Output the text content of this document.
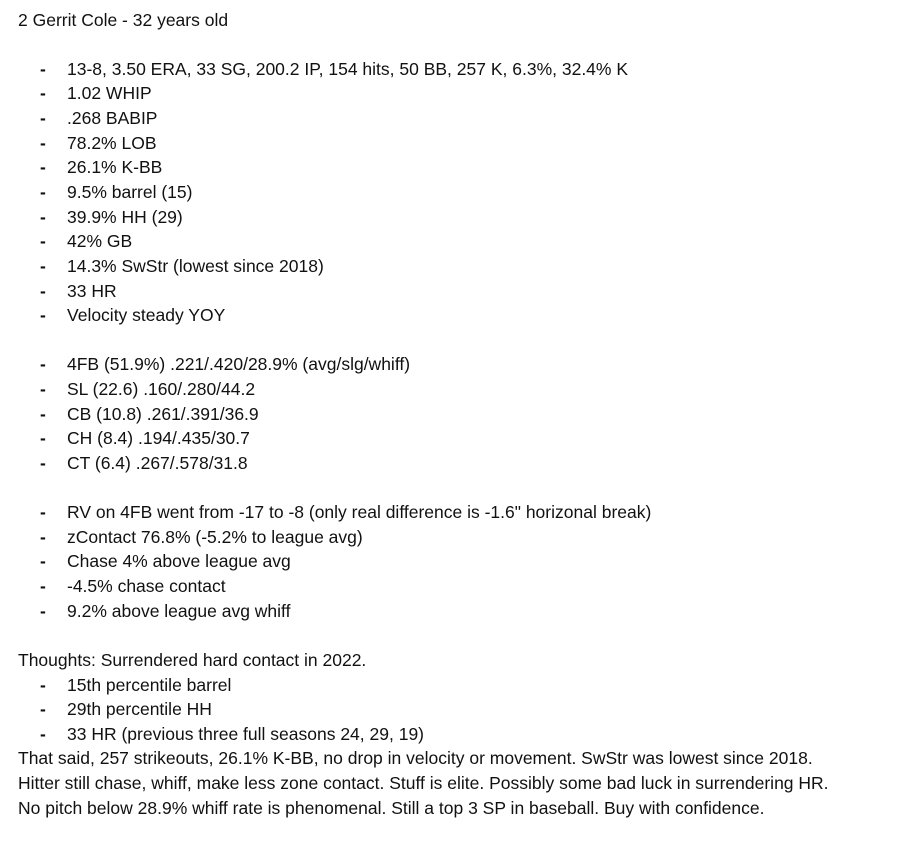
2 Gerrit Cole - 32 years old
- 13-8, 3.50 ERA, 33 SG, 200.2 IP, 154 hits, 50 BB, 257 K, 6.3%, 32.4% K
- 1.02 WHIP
- .268 BABIP
- 78.2% LOB
- 26.1% K-BB
- 9.5% barrel (15)
- 39.9% HH (29)
- 42% GB
- 14.3% SwStr (lowest since 2018)
- 33 HR
- Velocity steady YOY
- 4FB (51.9%) .221/.420/28.9% (avg/slg/whiff)
- SL (22.6) .160/.280/44.2
- CB (10.8) .261/.391/36.9
- CH (8.4) .194/.435/30.7
- CT (6.4) .267/.578/31.8
- RV on 4FB went from -17 to -8 (only real difference is -1.6" horizonal break)
- zContact 76.8% (-5.2% to league avg)
- Chase 4% above league avg
- -4.5% chase contact
- 9.2% above league avg whiff
Thoughts: Surrendered hard contact in 2022.
- 15th percentile barrel
- 29th percentile HH
- 33 HR (previous three full seasons 24, 29, 19)
That said, 257 strikeouts, 26.1% K-BB, no drop in velocity or movement. SwStr was lowest since 2018.
Hitter still chase, whiff, make less zone contact. Stuff is elite. Possibly some bad luck in surrendering HR.
No pitch below 28.9% whiff rate is phenomenal. Still a top 3 SP in baseball. Buy with confidence.
